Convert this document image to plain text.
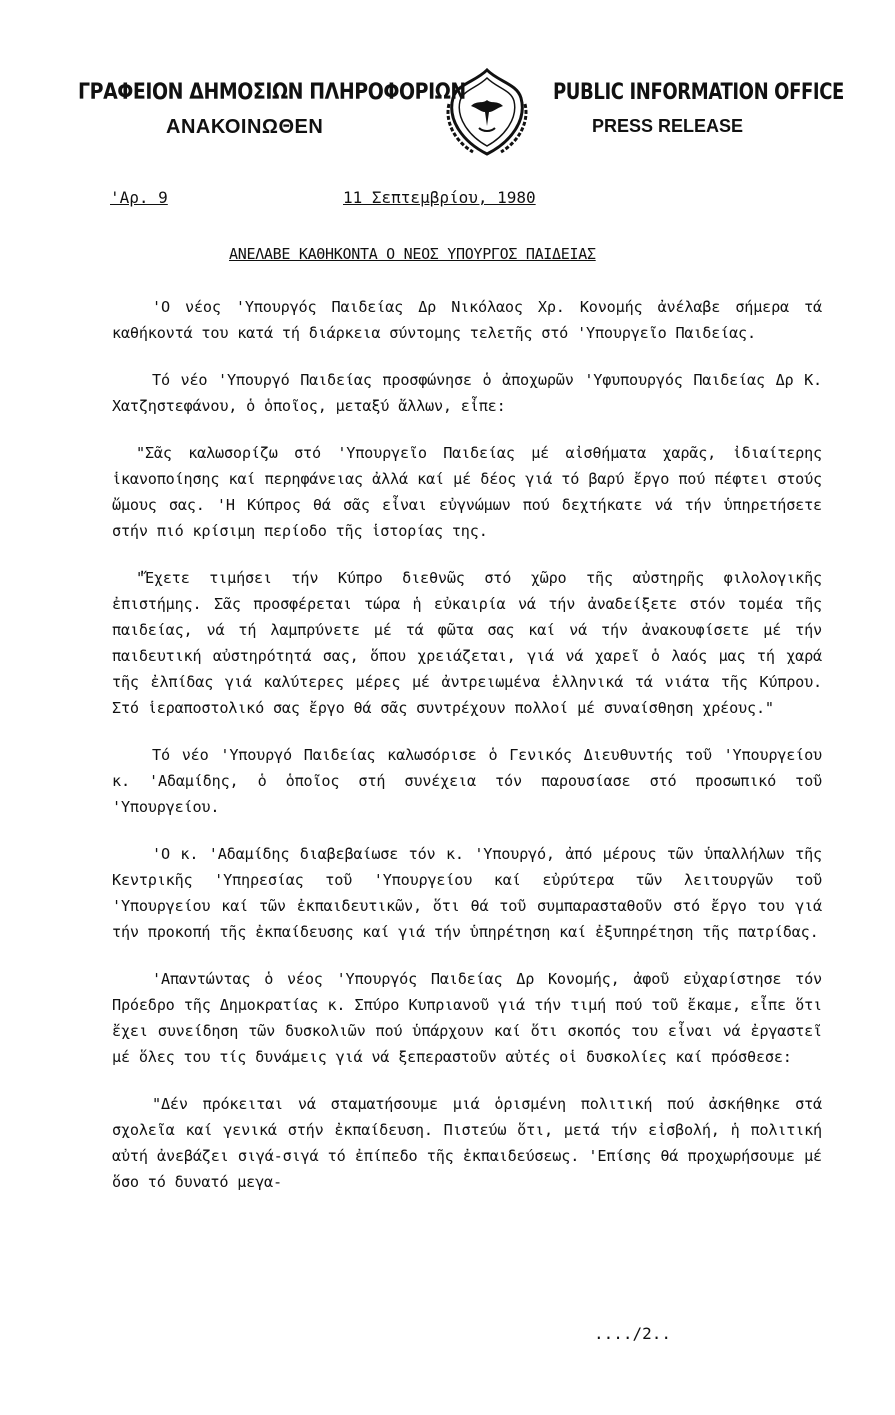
ΓΡΑΦΕΙΟΝ ΔΗΜΟΣΙΩΝ ΠΛΗΡΟΦΟΡΙΩΝ
ΑΝΑΚΟΙΝΩΘΕΝ
PUBLIC INFORMATION OFFICE
PRESS RELEASE
'Αρ. 9	11 Σεπτεμβρίου, 1980
ΑΝΕΛΑΒΕ ΚΑΘΗΚΟΝΤΑ Ο ΝΕΟΣ ΥΠΟΥΡΓΟΣ ΠΑΙΔΕΙΑΣ

'Ο νέος 'Υπουργός Παιδείας Δρ Νικόλαος Χρ. Κονομής ἀνέλαβε σήμερα τά καθήκοντά του κατά τή διάρκεια σύντομης τελετῆς στό 'Υπουργεῖο Παιδείας.

Τό νέο 'Υπουργό Παιδείας προσφώνησε ὁ ἀποχωρῶν 'Υφυπουργός Παιδείας Δρ Κ. Χατζηστεφάνου, ὁ ὁποῖος, μεταξύ ἄλλων, εἶπε:

"Σᾶς καλωσορίζω στό 'Υπουργεῖο Παιδείας μέ αἰσθήματα χαρᾶς, ἰδιαίτερης ἱκανοποίησης καί περηφάνειας ἀλλά καί μέ δέος γιά τό βαρύ ἔργο πού πέφτει στούς ὤμους σας. 'Η Κύπρος θά σᾶς εἶναι εὐγνώμων πού δεχτήκατε νά τήν ὑπηρετήσετε στήν πιό κρίσιμη περίοδο τῆς ἱστορίας της.

"Ἔχετε τιμήσει τήν Κύπρο διεθνῶς στό χῶρο τῆς αὐστηρῆς φιλολογικῆς ἐπιστήμης. Σᾶς προσφέρεται τώρα ἡ εὐκαιρία νά τήν ἀναδείξετε στόν τομέα τῆς παιδείας, νά τή λαμπρύνετε μέ τά φῶτα σας καί νά τήν ἀνακουφίσετε μέ τήν παιδευτική αὐστηρότητά σας, ὅπου χρειάζεται, γιά νά χαρεῖ ὁ λαός μας τή χαρά τῆς ἐλπίδας γιά καλύτερες μέρες μέ ἀντρειωμένα ἑλληνικά τά νιάτα τῆς Κύπρου. Στό ἱεραποστολικό σας ἔργο θά σᾶς συντρέχουν πολλοί μέ συναίσθηση χρέους."

Τό νέο 'Υπουργό Παιδείας καλωσόρισε ὁ Γενικός Διευθυντής τοῦ 'Υπουργείου κ. 'Αδαμίδης, ὁ ὁποῖος στή συνέχεια τόν παρουσίασε στό προσωπικό τοῦ 'Υπουργείου.

'Ο κ. 'Αδαμίδης διαβεβαίωσε τόν κ. 'Υπουργό, ἀπό μέρους τῶν ὑπαλλήλων τῆς Κεντρικῆς 'Υπηρεσίας τοῦ 'Υπουργείου καί εὐρύτερα τῶν λειτουργῶν τοῦ 'Υπουργείου καί τῶν ἐκπαιδευτικῶν, ὅτι θά τοῦ συμπαρασταθοῦν στό ἔργο του γιά τήν προκοπή τῆς ἐκπαίδευσης καί γιά τήν ὑπηρέτηση καί ἐξυπηρέτηση τῆς πατρίδας.

'Απαντώντας ὁ νέος 'Υπουργός Παιδείας Δρ Κονομής, ἀφοῦ εὐχαρίστησε τόν Πρόεδρο τῆς Δημοκρατίας κ. Σπύρο Κυπριανοῦ γιά τήν τιμή πού τοῦ ἔκαμε, εἶπε ὅτι ἔχει συνείδηση τῶν δυσκολιῶν πού ὑπάρχουν καί ὅτι σκοπός του εἶναι νά ἐργαστεῖ μέ ὅλες του τίς δυνάμεις γιά νά ξεπεραστοῦν αὐτές οἱ δυσκολίες καί πρόσθεσε:

"Δέν πρόκειται νά σταματήσουμε μιά ὁρισμένη πολιτική πού ἀσκήθηκε στά σχολεῖα καί γενικά στήν ἐκπαίδευση. Πιστεύω ὅτι, μετά τήν εἰσβολή, ἡ πολιτική αὐτή ἀνεβάζει σιγά-σιγά τό ἐπίπεδο τῆς ἐκπαιδεύσεως. 'Επίσης θά προχωρήσουμε μέ ὅσο τό δυνατό μεγα-

..../2..
